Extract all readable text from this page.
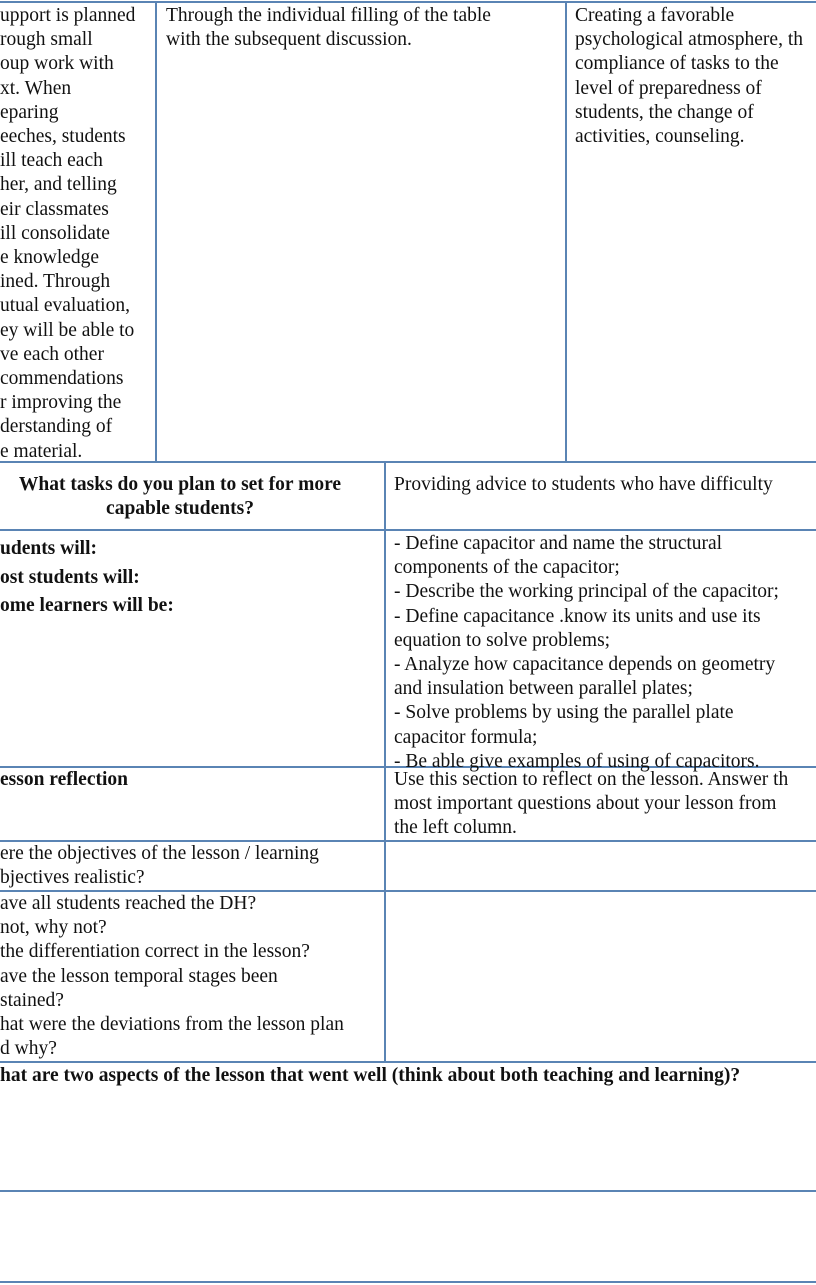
upport is planned
rough small
oup work with
xt. When
eparing
eeches, students
ill teach each
her, and telling
eir classmates
ill consolidate
e knowledge
ined. Through
utual evaluation,
ey will be able to
ve each other
commendations
r improving the
derstanding of
e material.
Through the individual filling of the table
with the subsequent discussion.
Creating a favorable
psychological atmosphere, th
compliance of tasks to the
level of preparedness of
students, the change of
activities, counseling.
What tasks do you plan to set for more
capable students?
Providing advice to students who have difficulty
udents will:
ost students will:
ome learners will be:
- Define capacitor and name the structural
components of the capacitor;
- Describe the working principal of the capacitor;
- Define capacitance .know its units and use its
equation to solve problems;
- Analyze how capacitance depends on geometry
and insulation between parallel plates;
- Solve problems by using the parallel plate
capacitor formula;
- Be able give examples of using of capacitors.
esson reflection	Use this section to reflect on the lesson. Answer th
most important questions about your lesson from
the left column.
ere the objectives of the lesson / learning
bjectives realistic?
ave all students reached the DH?
not, why not?
the differentiation correct in the lesson?
ave the lesson temporal stages been
stained?
hat were the deviations from the lesson plan
d why?
hat are two aspects of the lesson that went well (think about both teaching and learning)?
